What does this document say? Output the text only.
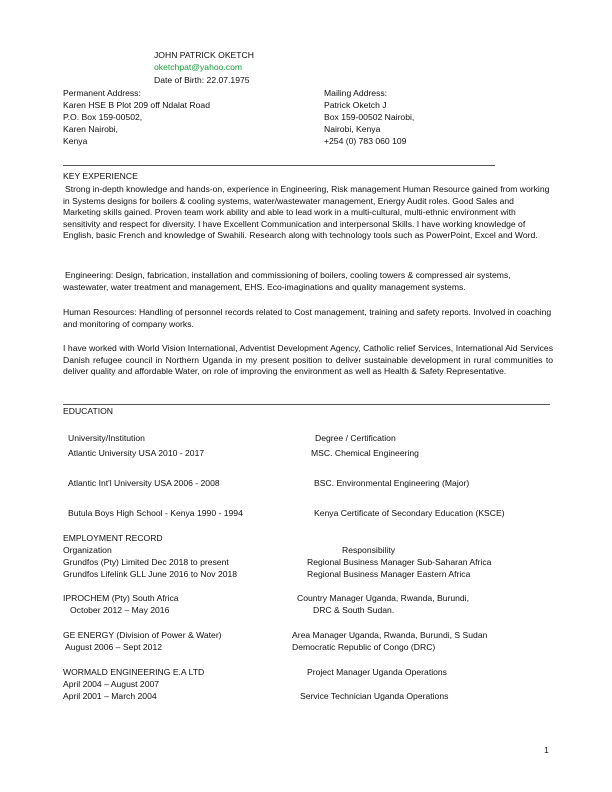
JOHN PATRICK OKETCH
oketchpat@yahoo.com
Date of Birth: 22.07.1975
Permanent Address:
Karen HSE B Plot 209 off Ndalat Road
P.O. Box 159-00502,
Karen Nairobi,
Kenya
Mailing Address:
Patrick Oketch J
Box 159-00502 Nairobi,
Nairobi, Kenya
+254 (0) 783 060 109
KEY EXPERIENCE
Strong in-depth knowledge and hands-on, experience in Engineering, Risk management Human Resource gained from working in Systems designs for boilers & cooling systems, water/wastewater management, Energy Audit roles. Good Sales and Marketing skills gained. Proven team work ability and able to lead work in a multi-cultural, multi-ethnic environment with sensitivity and respect for diversity. I have Excellent Communication and interpersonal Skills. I have working knowledge of English, basic French and knowledge of Swahili. Research along with technology tools such as PowerPoint, Excel and Word.
Engineering: Design, fabrication, installation and commissioning of boilers, cooling towers & compressed air systems, wastewater, water treatment and management, EHS. Eco-imaginations and quality management systems.
Human Resources: Handling of personnel records related to Cost management, training and safety reports. Involved in coaching and monitoring of company works.
I have worked with World Vision International, Adventist Development Agency, Catholic relief Services, International Aid Services Danish refugee council in Northern Uganda in my present position to deliver sustainable development in rural communities to deliver quality and affordable Water, on role of improving the environment as well as Health & Safety Representative.
EDUCATION
University/Institution	Degree / Certification
Atlantic University USA 2010 - 2017	MSC. Chemical Engineering
Atlantic Int'l University USA 2006 - 2008	BSC. Environmental Engineering (Major)
Butula Boys High School - Kenya 1990 - 1994	Kenya Certificate of Secondary Education (KSCE)
EMPLOYMENT RECORD
Organization	Responsibility
Grundfos (Pty) Limited Dec 2018 to present	Regional Business Manager Sub-Saharan Africa
Grundfos Lifelink GLL June 2016 to Nov 2018	Regional Business Manager Eastern Africa
IPROCHEM (Pty) South Africa	Country Manager Uganda, Rwanda, Burundi,
October 2012 – May 2016	DRC & South Sudan.
GE ENERGY (Division of Power & Water)	Area Manager Uganda, Rwanda, Burundi, S Sudan
August 2006 – Sept 2012	Democratic Republic of Congo (DRC)
WORMALD ENGINEERING E.A LTD	Project Manager Uganda Operations
April 2004 – August 2007
April 2001 – March 2004	Service Technician Uganda Operations
1
